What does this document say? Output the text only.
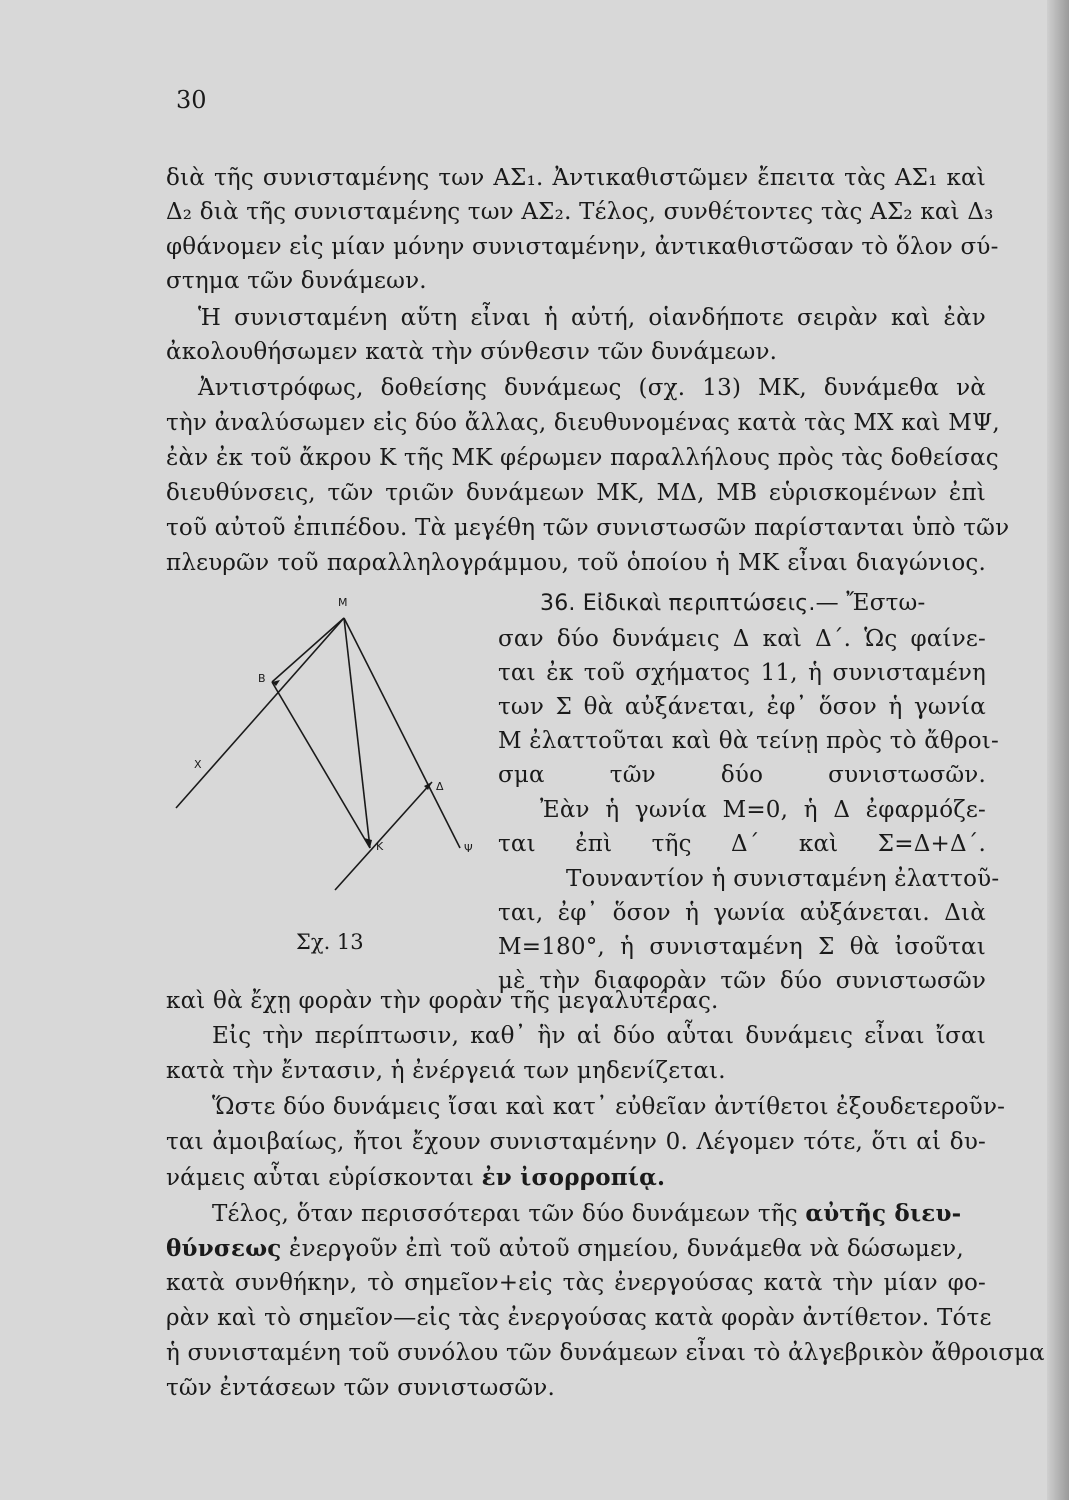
30
διὰ τῆς συνισταμένης των ΑΣ₁. Ἀντικαθιστῶμεν ἔπειτα τὰς ΑΣ₁ καὶ
Δ₂ διὰ τῆς συνισταμένης των ΑΣ₂. Τέλος, συνθέτοντες τὰς ΑΣ₂ καὶ Δ₃
φθάνομεν εἰς μίαν μόνην συνισταμένην, ἀντικαθιστῶσαν τὸ ὅλον σύ-
στημα τῶν δυνάμεων.
Ἡ συνισταμένη αὕτη εἶναι ἡ αὐτή, οἱανδήποτε σειρὰν καὶ ἐὰν
ἀκολουθήσωμεν κατὰ τὴν σύνθεσιν τῶν δυνάμεων.
Ἀντιστρόφως, δοθείσης δυνάμεως (σχ. 13) ΜΚ, δυνάμεθα νὰ
τὴν ἀναλύσωμεν εἰς δύο ἄλλας, διευθυνομένας κατὰ τὰς ΜΧ καὶ ΜΨ,
ἐὰν ἐκ τοῦ ἄκρου Κ τῆς ΜΚ φέρωμεν παραλλήλους πρὸς τὰς δοθείσας
διευθύνσεις, τῶν τριῶν δυνάμεων ΜΚ, ΜΔ, ΜΒ εὑρισκομένων ἐπὶ
τοῦ αὐτοῦ ἐπιπέδου. Τὰ μεγέθη τῶν συνιστωσῶν παρίστανται ὑπὸ τῶν
πλευρῶν τοῦ παραλληλογράμμου, τοῦ ὁποίου ἡ ΜΚ εἶναι διαγώνιος.
36. Εἰδικαὶ περιπτώσεις.— Ἔστω-
σαν δύο δυνάμεις Δ καὶ Δ΄. Ὡς φαίνε-
ται ἐκ τοῦ σχήματος 11, ἡ συνισταμένη
των Σ θὰ αὐξάνεται, ἐφ᾽ ὅσον ἡ γωνία
Μ ἐλαττοῦται καὶ θὰ τείνῃ πρὸς τὸ ἄθροι-
σμα τῶν δύο συνιστωσῶν.
Ἐὰν ἡ γωνία Μ=0, ἡ Δ ἐφαρμόζε-
ται ἐπὶ τῆς Δ΄ καὶ Σ=Δ+Δ΄.
Τουναντίον ἡ συνισταμένη ἐλαττοῦ-
ται, ἐφ᾽ ὅσον ἡ γωνία αὐξάνεται. Διὰ
Μ=180°, ἡ συνισταμένη Σ θὰ ἰσοῦται
μὲ τὴν διαφορὰν τῶν δύο συνιστωσῶν
Μ
Β
Χ
Δ
Κ	Ψ
Σχ. 13
καὶ θὰ ἔχῃ φορὰν τὴν φορὰν τῆς μεγαλυτέρας.
Εἰς τὴν περίπτωσιν, καθ᾽ ἣν αἱ δύο αὗται δυνάμεις εἶναι ἴσαι
κατὰ τὴν ἔντασιν, ἡ ἐνέργειά των μηδενίζεται.
Ὥστε δύο δυνάμεις ἴσαι καὶ κατ᾽ εὐθεῖαν ἀντίθετοι ἐξουδετεροῦν-
ται ἀμοιβαίως, ἤτοι ἔχουν συνισταμένην 0. Λέγομεν τότε, ὅτι αἱ δυ-
νάμεις αὗται εὑρίσκονται ἐν ἰσορροπίᾳ.
Τέλος, ὅταν περισσότεραι τῶν δύο δυνάμεων τῆς αὐτῆς διευ-
θύνσεως ἐνεργοῦν ἐπὶ τοῦ αὐτοῦ σημείου, δυνάμεθα νὰ δώσωμεν,
κατὰ συνθήκην, τὸ σημεῖον+εἰς τὰς ἐνεργούσας κατὰ τὴν μίαν φο-
ρὰν καὶ τὸ σημεῖον—εἰς τὰς ἐνεργούσας κατὰ φορὰν ἀντίθετον. Τότε
ἡ συνισταμένη τοῦ συνόλου τῶν δυνάμεων εἶναι τὸ ἀλγεβρικὸν ἄθροισμα
τῶν ἐντάσεων τῶν συνιστωσῶν.
